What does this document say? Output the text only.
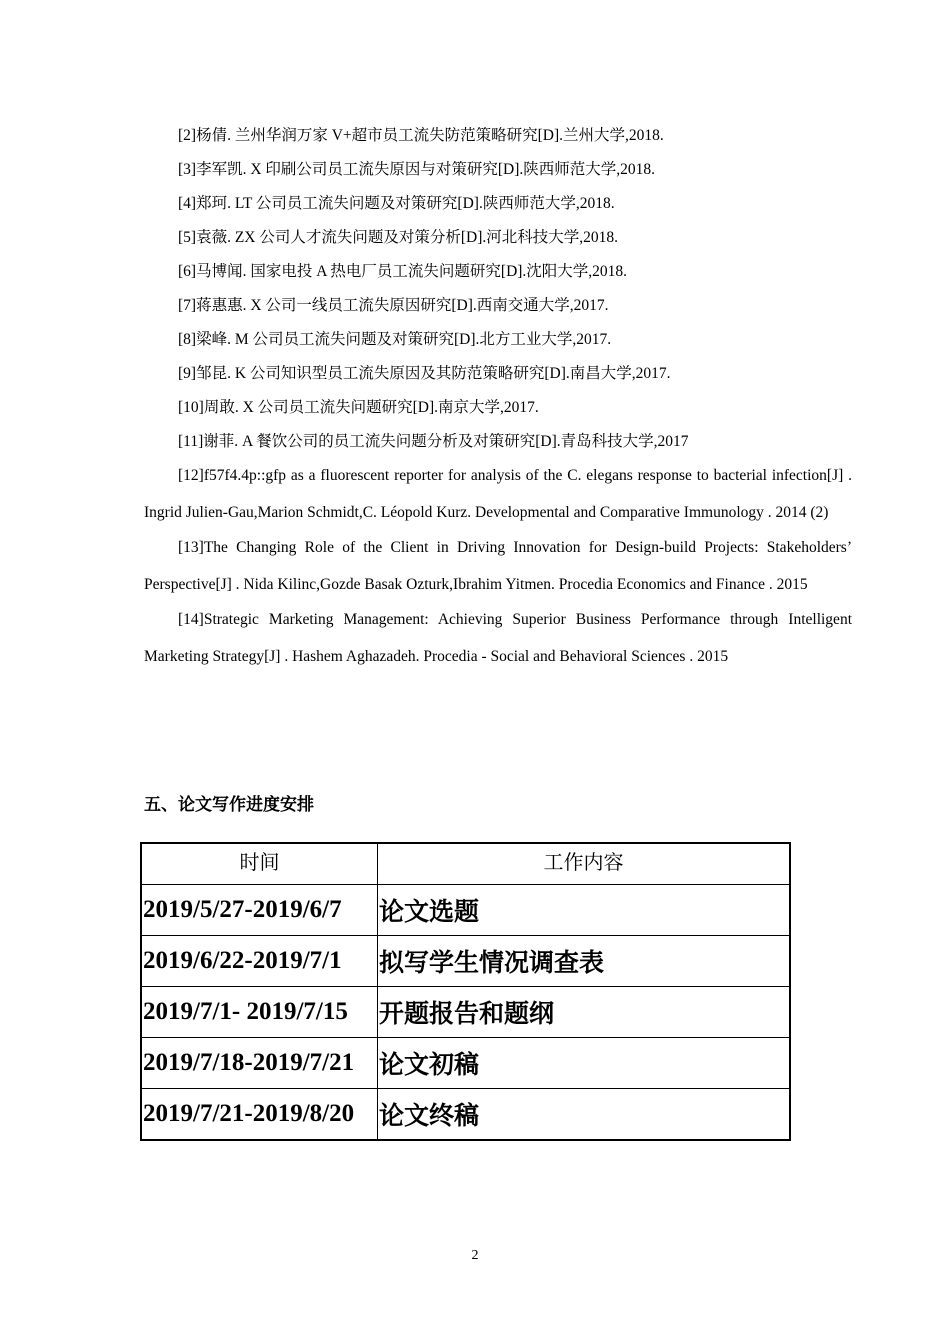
[2]杨倩. 兰州华润万家 V+超市员工流失防范策略研究[D].兰州大学,2018.

[3]李军凯. X 印刷公司员工流失原因与对策研究[D].陕西师范大学,2018.

[4]郑珂. LT 公司员工流失问题及对策研究[D].陕西师范大学,2018.

[5]袁薇. ZX 公司人才流失问题及对策分析[D].河北科技大学,2018.

[6]马博闻. 国家电投 A 热电厂员工流失问题研究[D].沈阳大学,2018.

[7]蒋惠惠. X 公司一线员工流失原因研究[D].西南交通大学,2017.

[8]梁峰. M 公司员工流失问题及对策研究[D].北方工业大学,2017.

[9]邹昆. K 公司知识型员工流失原因及其防范策略研究[D].南昌大学,2017.

[10]周敢. X 公司员工流失问题研究[D].南京大学,2017.

[11]谢菲. A 餐饮公司的员工流失问题分析及对策研究[D].青岛科技大学,2017

[12]f57f4.4p::gfp as a fluorescent reporter for analysis of the C. elegans response to bacterial infection[J] . Ingrid Julien-Gau,Marion Schmidt,C. Léopold Kurz. Developmental and Comparative Immunology . 2014 (2)

[13]The Changing Role of the Client in Driving Innovation for Design-build Projects: Stakeholders’ Perspective[J] . Nida Kilinc,Gozde Basak Ozturk,Ibrahim Yitmen. Procedia Economics and Finance . 2015

[14]Strategic Marketing Management: Achieving Superior Business Performance through Intelligent Marketing Strategy[J] . Hashem Aghazadeh. Procedia - Social and Behavioral Sciences . 2015

五、论文写作进度安排
时间	工作内容
2019/5/27-2019/6/7	论文选题
2019/6/22-2019/7/1	拟写学生情况调查表
2019/7/1- 2019/7/15	开题报告和题纲
2019/7/18-2019/7/21	论文初稿
2019/7/21-2019/8/20	论文终稿
2
